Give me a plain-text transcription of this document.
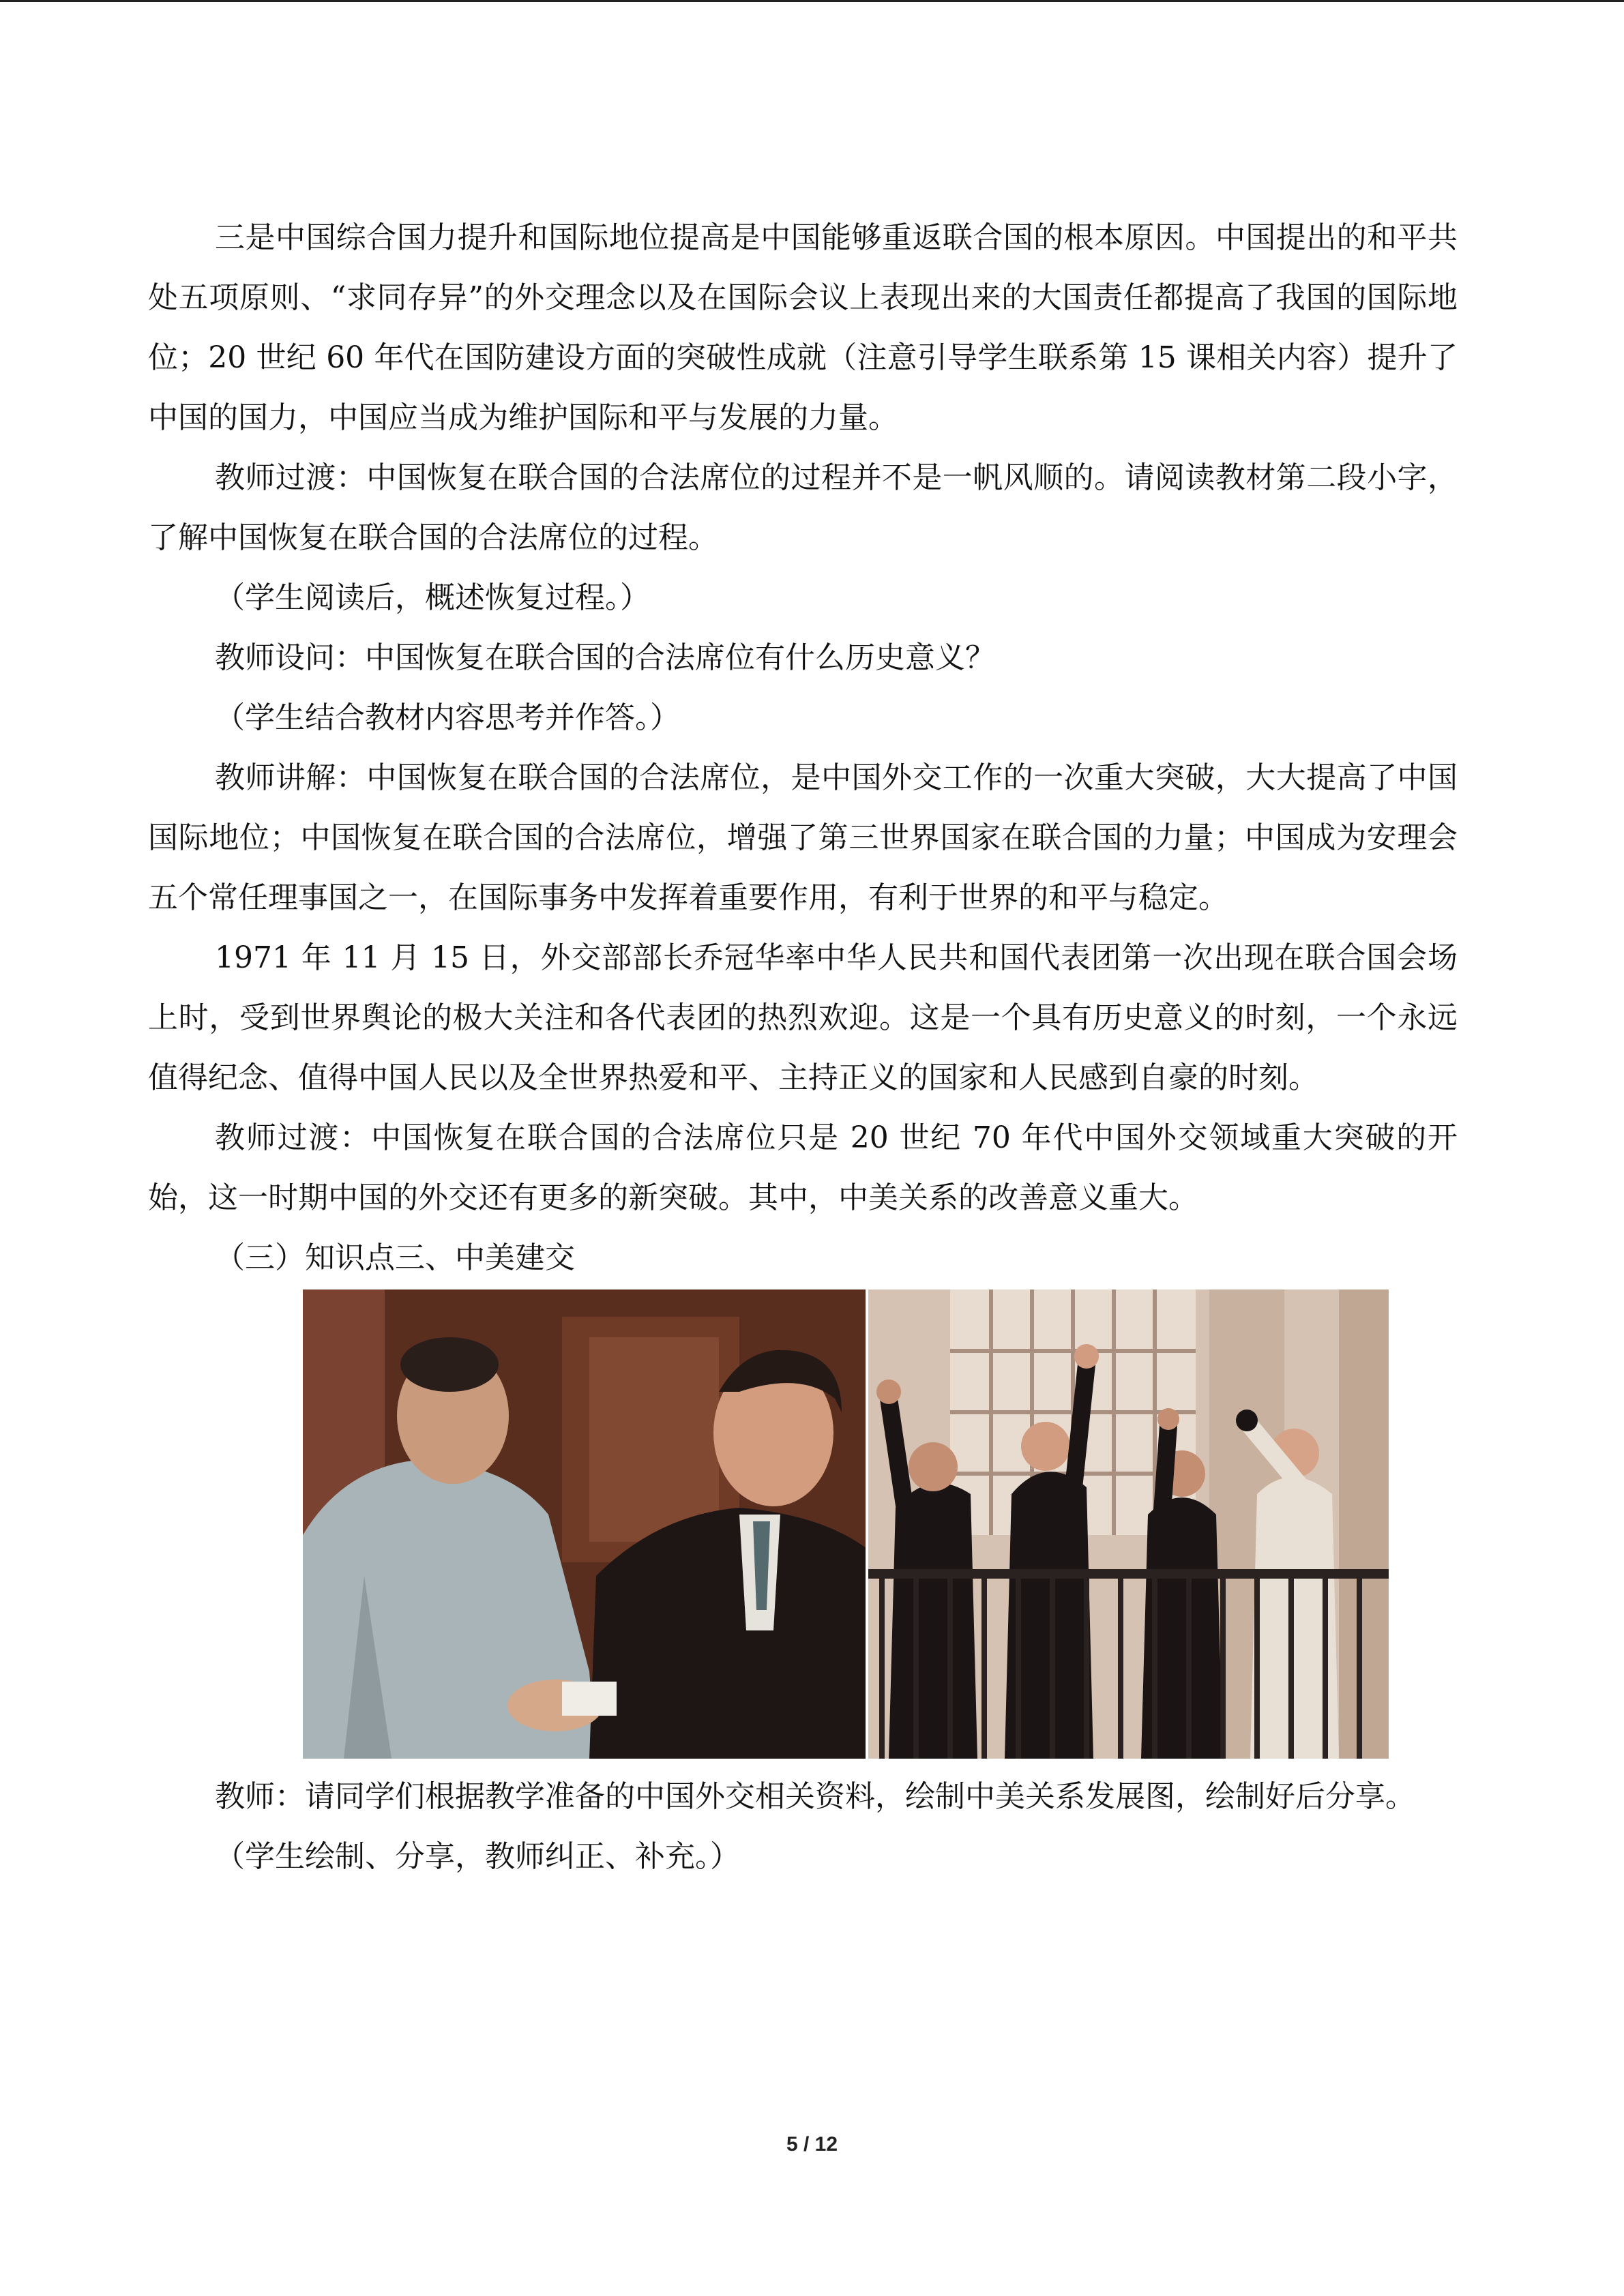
三是中国综合国力提升和国际地位提高是中国能够重返联合国的根本原因。中国提出的和平共处五项原则、“求同存异”的外交理念以及在国际会议上表现出来的大国责任都提高了我国的国际地位；20 世纪 60 年代在国防建设方面的突破性成就（注意引导学生联系第 15 课相关内容）提升了中国的国力，中国应当成为维护国际和平与发展的力量。

教师过渡：中国恢复在联合国的合法席位的过程并不是一帆风顺的。请阅读教材第二段小字，了解中国恢复在联合国的合法席位的过程。

（学生阅读后，概述恢复过程。）

教师设问：中国恢复在联合国的合法席位有什么历史意义？

（学生结合教材内容思考并作答。）

教师讲解：中国恢复在联合国的合法席位，是中国外交工作的一次重大突破，大大提高了中国国际地位；中国恢复在联合国的合法席位，增强了第三世界国家在联合国的力量；中国成为安理会五个常任理事国之一，在国际事务中发挥着重要作用，有利于世界的和平与稳定。

1971 年 11 月 15 日，外交部部长乔冠华率中华人民共和国代表团第一次出现在联合国会场上时，受到世界舆论的极大关注和各代表团的热烈欢迎。这是一个具有历史意义的时刻，一个永远值得纪念、值得中国人民以及全世界热爱和平、主持正义的国家和人民感到自豪的时刻。

教师过渡：中国恢复在联合国的合法席位只是 20 世纪 70 年代中国外交领域重大突破的开始，这一时期中国的外交还有更多的新突破。其中，中美关系的改善意义重大。

（三）知识点三、中美建交

教师：请同学们根据教学准备的中国外交相关资料，绘制中美关系发展图，绘制好后分享。

（学生绘制、分享，教师纠正、补充。）

5 / 12
